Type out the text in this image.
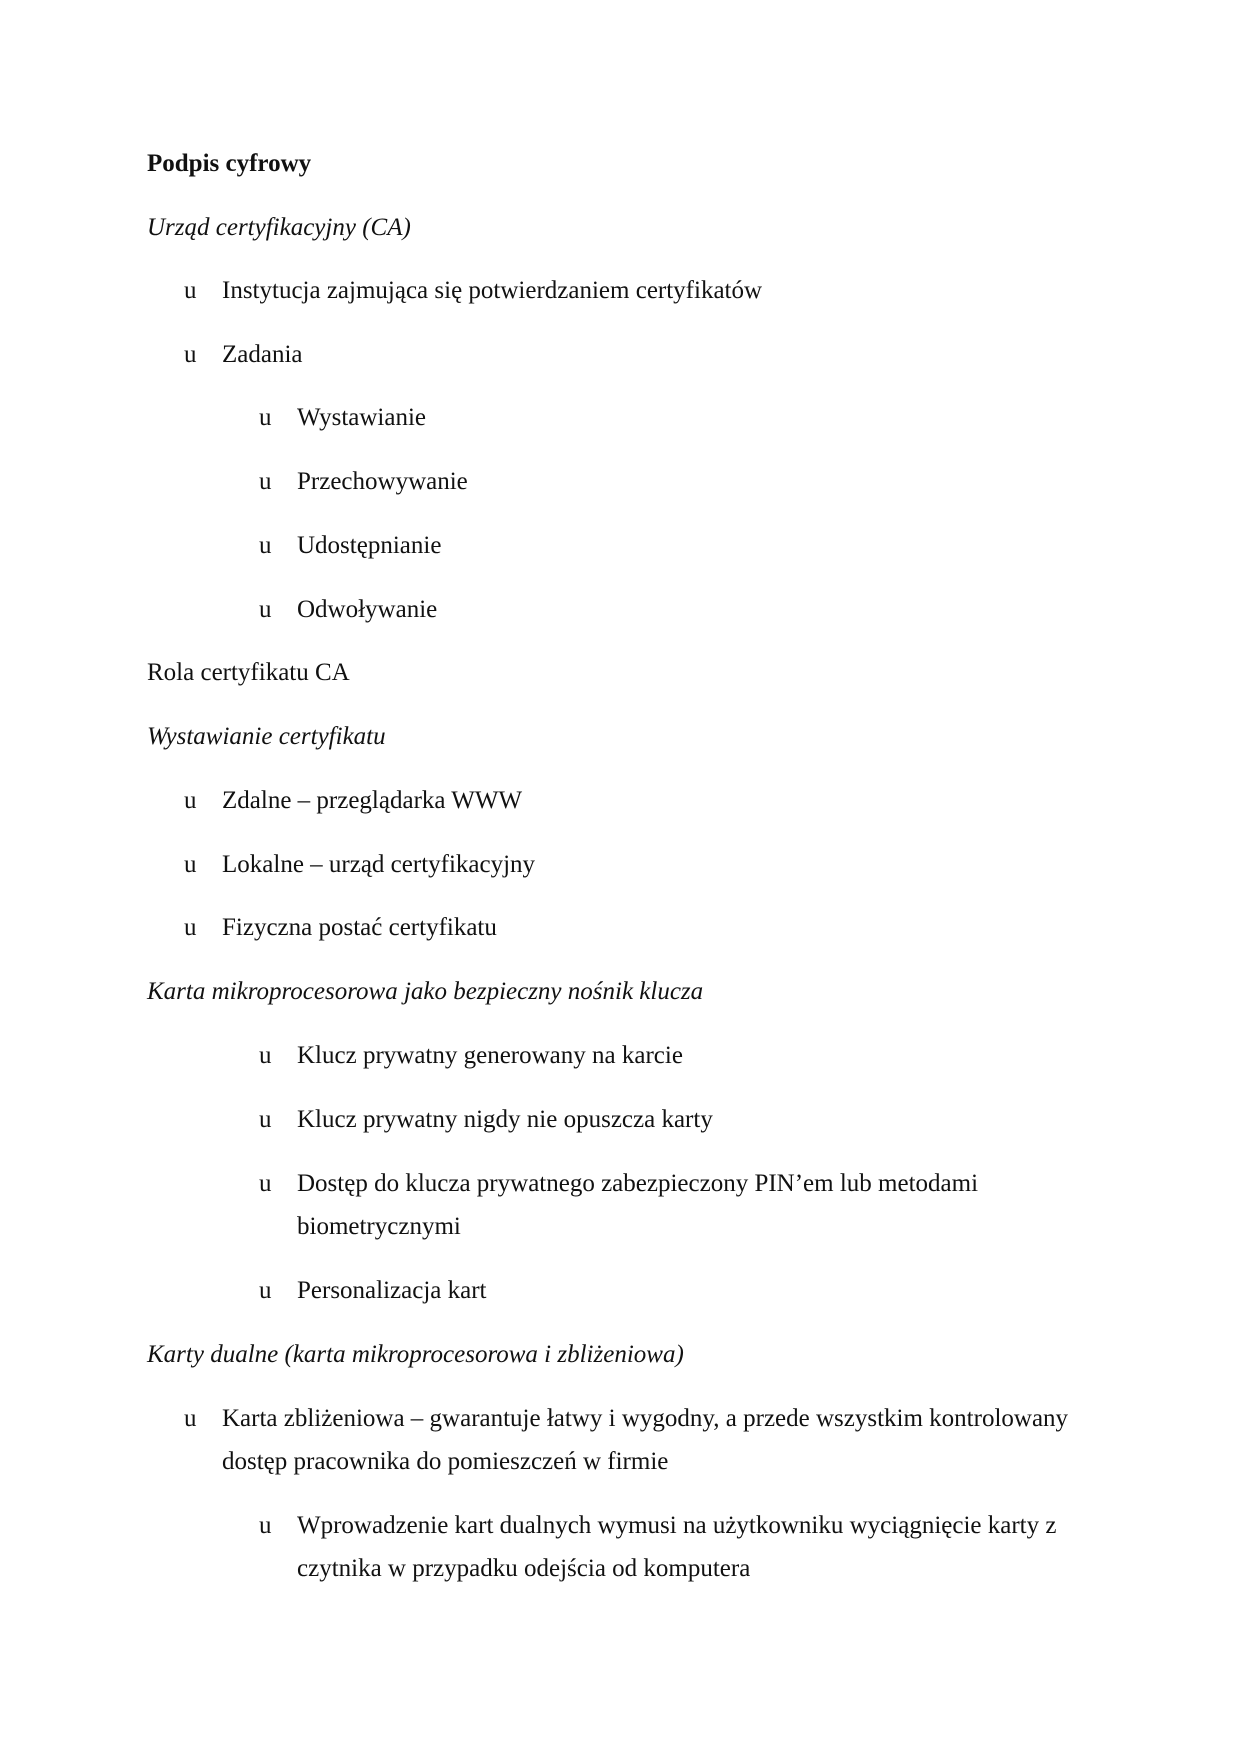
Podpis cyfrowy
Urząd certyfikacyjny (CA)
u Instytucja zajmująca się potwierdzaniem certyfikatów
u Zadania
u Wystawianie
u Przechowywanie
u Udostępnianie
u Odwoływanie
Rola certyfikatu CA
Wystawianie certyfikatu
u Zdalne – przeglądarka WWW
u Lokalne – urząd certyfikacyjny
u Fizyczna postać certyfikatu
Karta mikroprocesorowa jako bezpieczny nośnik klucza
u Klucz prywatny generowany na karcie
u Klucz prywatny nigdy nie opuszcza karty
u Dostęp do klucza prywatnego zabezpieczony PIN’em lub metodami biometrycznymi
u Personalizacja kart
Karty dualne (karta mikroprocesorowa i zbliżeniowa)
u Karta zbliżeniowa – gwarantuje łatwy i wygodny, a przede wszystkim kontrolowany dostęp pracownika do pomieszczeń w firmie
u Wprowadzenie kart dualnych wymusi na użytkowniku wyciągnięcie karty z czytnika w przypadku odejścia od komputera
